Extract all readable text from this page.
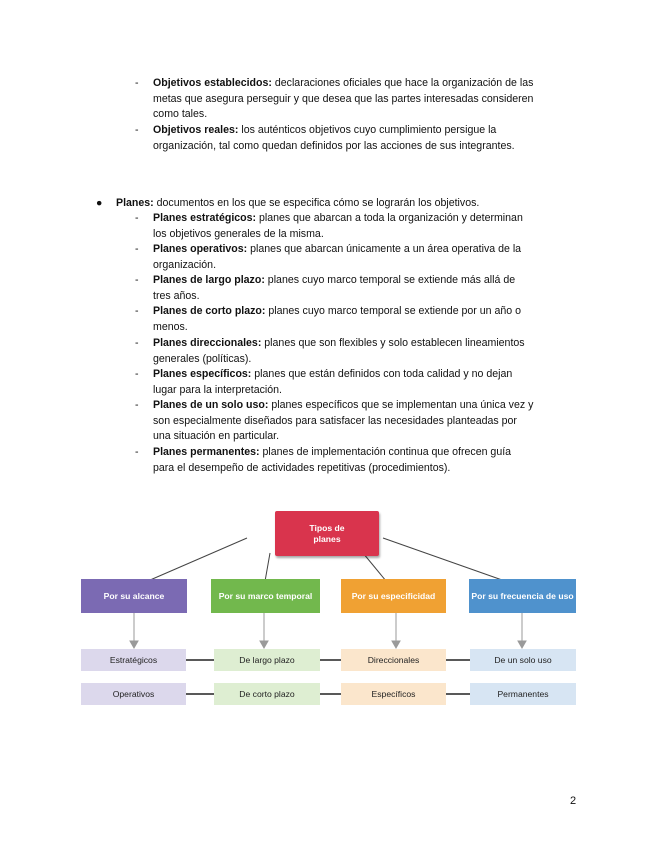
- Objetivos establecidos: declaraciones oficiales que hace la organización de las
metas que asegura perseguir y que desea que las partes interesadas consideren
como tales.
- Objetivos reales: los auténticos objetivos cuyo cumplimiento persigue la
organización, tal como quedan definidos por las acciones de sus integrantes.
● Planes: documentos en los que se especifica cómo se lograrán los objetivos.
- Planes estratégicos: planes que abarcan a toda la organización y determinan
los objetivos generales de la misma.
- Planes operativos: planes que abarcan únicamente a un área operativa de la
organización.
- Planes de largo plazo: planes cuyo marco temporal se extiende más allá de
tres años.
- Planes de corto plazo: planes cuyo marco temporal se extiende por un año o
menos.
- Planes direccionales: planes que son flexibles y solo establecen lineamientos
generales (políticas).
- Planes específicos: planes que están definidos con toda calidad y no dejan
lugar para la interpretación.
- Planes de un solo uso: planes específicos que se implementan una única vez y
son especialmente diseñados para satisfacer las necesidades planteadas por
una situación en particular.
- Planes permanentes: planes de implementación continua que ofrecen guía
para el desempeño de actividades repetitivas (procedimientos).
Tipos de
planes
Por su alcance
Estratégicos
Operativos
Por su marco temporal
De largo plazo
De corto plazo
Por su especificidad
Direccionales
Específicos
Por su frecuencia de uso
De un solo uso
Permanentes
2
